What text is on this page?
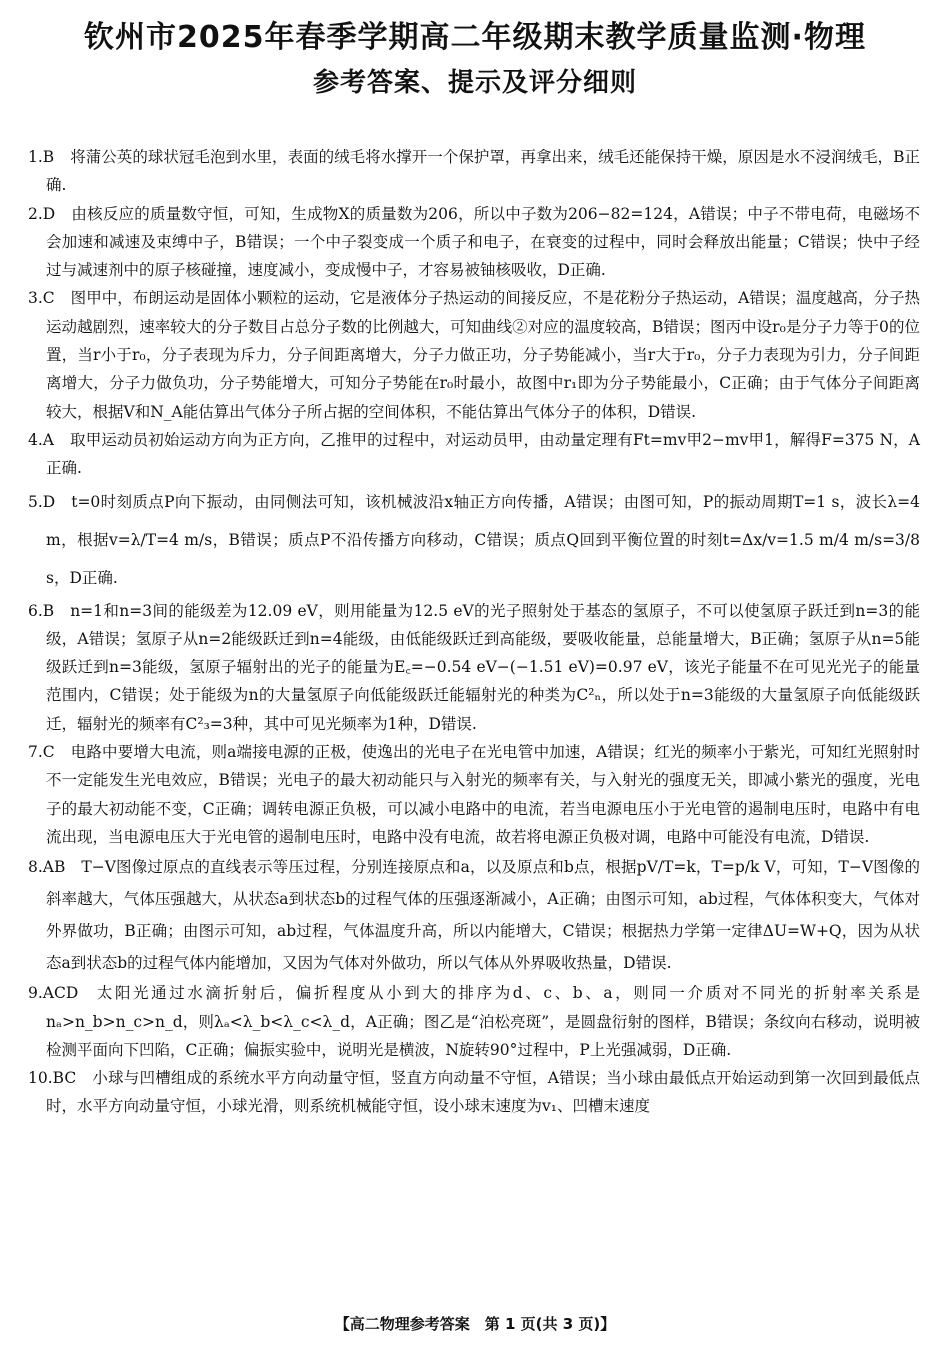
钦州市2025年春季学期高二年级期末教学质量监测·物理
参考答案、提示及评分细则

1.B 将蒲公英的球状冠毛泡到水里，表面的绒毛将水撑开一个保护罩，再拿出来，绒毛还能保持干燥，原因是水不浸润绒毛，B正确.

2.D 由核反应的质量数守恒，可知，生成物X的质量数为206，所以中子数为206−82=124，A错误；中子不带电荷，电磁场不会加速和减速及束缚中子，B错误；一个中子裂变成一个质子和电子，在衰变的过程中，同时会释放出能量；C错误；快中子经过与减速剂中的原子核碰撞，速度减小，变成慢中子，才容易被铀核吸收，D正确.

3.C 图甲中，布朗运动是固体小颗粒的运动，它是液体分子热运动的间接反应，不是花粉分子热运动，A错误；温度越高，分子热运动越剧烈，速率较大的分子数目占总分子数的比例越大，可知曲线②对应的温度较高，B错误；图丙中设r₀是分子力等于0的位置，当r小于r₀，分子表现为斥力，分子间距离增大，分子力做正功，分子势能减小，当r大于r₀，分子力表现为引力，分子间距离增大，分子力做负功，分子势能增大，可知分子势能在r₀时最小，故图中r₁即为分子势能最小，C正确；由于气体分子间距离较大，根据V和N_A能估算出气体分子所占据的空间体积，不能估算出气体分子的体积，D错误.

4.A 取甲运动员初始运动方向为正方向，乙推甲的过程中，对运动员甲，由动量定理有Ft=mv甲2−mv甲1，解得F=375 N，A正确.

5.D t=0时刻质点P向下振动，由同侧法可知，该机械波沿x轴正方向传播，A错误；由图可知，P的振动周期T=1 s，波长λ=4 m，根据v=λ/T=4 m/s，B错误；质点P不沿传播方向移动，C错误；质点Q回到平衡位置的时刻t=Δx/v=1.5 m/4 m/s=3/8 s，D正确.

6.B n=1和n=3间的能级差为12.09 eV，则用能量为12.5 eV的光子照射处于基态的氢原子，不可以使氢原子跃迁到n=3的能级，A错误；氢原子从n=2能级跃迁到n=4能级，由低能级跃迁到高能级，要吸收能量，总能量增大，B正确；氢原子从n=5能级跃迁到n=3能级，氢原子辐射出的光子的能量为E꜀=−0.54 eV−(−1.51 eV)=0.97 eV，该光子能量不在可见光光子的能量范围内，C错误；处于能级为n的大量氢原子向低能级跃迁能辐射光的种类为C²ₙ，所以处于n=3能级的大量氢原子向低能级跃迁，辐射光的频率有C²₃=3种，其中可见光频率为1种，D错误.

7.C 电路中要增大电流，则a端接电源的正极，使逸出的光电子在光电管中加速，A错误；红光的频率小于紫光，可知红光照射时不一定能发生光电效应，B错误；光电子的最大初动能只与入射光的频率有关，与入射光的强度无关，即减小紫光的强度，光电子的最大初动能不变，C正确；调转电源正负极，可以减小电路中的电流，若当电源电压小于光电管的遏制电压时，电路中有电流出现，当电源电压大于光电管的遏制电压时，电路中没有电流，故若将电源正负极对调，电路中可能没有电流，D错误.

8.AB T−V图像过原点的直线表示等压过程，分别连接原点和a，以及原点和b点，根据pV/T=k，T=p/k V，可知，T−V图像的斜率越大，气体压强越大，从状态a到状态b的过程气体的压强逐渐减小，A正确；由图示可知，ab过程，气体体积变大，气体对外界做功，B正确；由图示可知，ab过程，气体温度升高，所以内能增大，C错误；根据热力学第一定律ΔU=W+Q，因为从状态a到状态b的过程气体内能增加，又因为气体对外做功，所以气体从外界吸收热量，D错误.

9.ACD 太阳光通过水滴折射后，偏折程度从小到大的排序为d、c、b、a，则同一介质对不同光的折射率关系是nₐ>n_b>n_c>n_d，则λₐ<λ_b<λ_c<λ_d，A正确；图乙是“泊松亮斑”，是圆盘衍射的图样，B错误；条纹向右移动，说明被检测平面向下凹陷，C正确；偏振实验中，说明光是横波，N旋转90°过程中，P上光强减弱，D正确.

10.BC 小球与凹槽组成的系统水平方向动量守恒，竖直方向动量不守恒，A错误；当小球由最低点开始运动到第一次回到最低点时，水平方向动量守恒，小球光滑，则系统机械能守恒，设小球末速度为v₁、凹槽末速度

【高二物理参考答案　第 1 页(共 3 页)】
